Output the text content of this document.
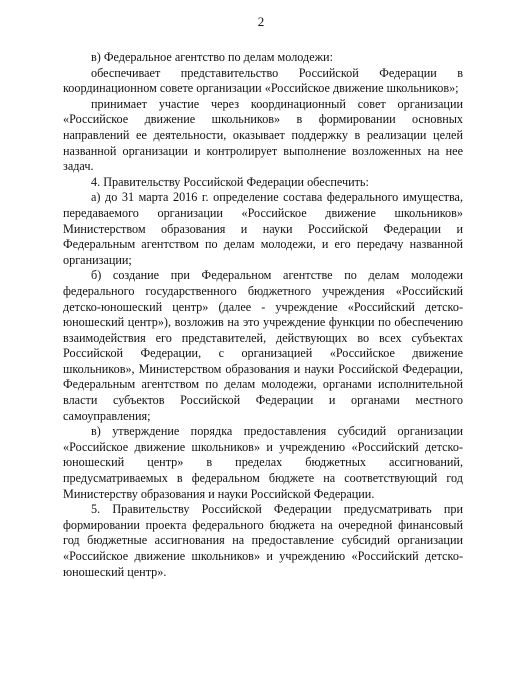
2

в) Федеральное агентство по делам молодежи:

обеспечивает представительство Российской Федерации в координационном совете организации «Российское движение школьников»;

принимает участие через координационный совет организации «Российское движение школьников» в формировании основных направлений ее деятельности, оказывает поддержку в реализации целей названной организации и контролирует выполнение возложенных на нее задач.

4. Правительству Российской Федерации обеспечить:

а) до 31 марта 2016 г. определение состава федерального имущества, передаваемого организации «Российское движение школьников» Министерством образования и науки Российской Федерации и Федеральным агентством по делам молодежи, и его передачу названной организации;

б) создание при Федеральном агентстве по делам молодежи федерального государственного бюджетного учреждения «Российский детско-юношеский центр» (далее - учреждение «Российский детско-юношеский центр»), возложив на это учреждение функции по обеспечению взаимодействия его представителей, действующих во всех субъектах Российской Федерации, с организацией «Российское движение школьников», Министерством образования и науки Российской Федерации, Федеральным агентством по делам молодежи, органами исполнительной власти субъектов Российской Федерации и органами местного самоуправления;

в) утверждение порядка предоставления субсидий организации «Российское движение школьников» и учреждению «Российский детско-юношеский центр» в пределах бюджетных ассигнований, предусматриваемых в федеральном бюджете на соответствующий год Министерству образования и науки Российской Федерации.

5. Правительству Российской Федерации предусматривать при формировании проекта федерального бюджета на очередной финансовый год бюджетные ассигнования на предоставление субсидий организации «Российское движение школьников» и учреждению «Российский детско-юношеский центр».
